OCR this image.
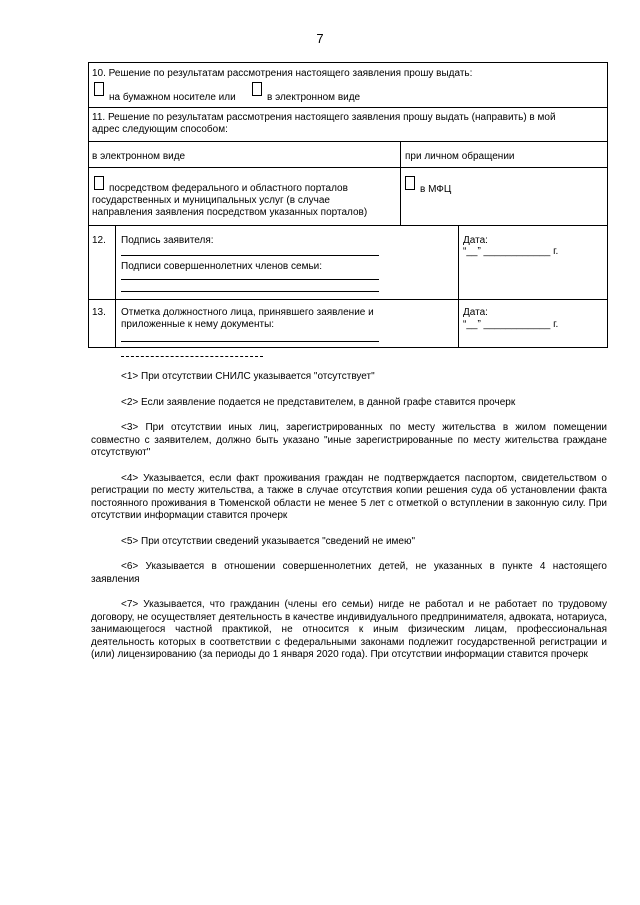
7
10. Решение по результатам рассмотрения настоящего заявления прошу выдать:
на бумажном носителе или	в электронном виде
11. Решение по результатам рассмотрения настоящего заявления прошу выдать (направить) в мой
адрес следующим способом:
в электронном виде	при личном обращении
посредством федерального и областного порталов
государственных и муниципальных услуг (в случае
направления заявления посредством указанных порталов)
в МФЦ
12. Подпись заявителя:
Подписи совершеннолетних членов семьи:
Дата:
“__” ____________ г.
13. Отметка должностного лица, принявшего заявление и
приложенные к нему документы:
Дата:
“__” ____________ г.

<1> При отсутствии СНИЛС указывается "отсутствует"

<2> Если заявление подается не представителем, в данной графе ставится прочерк

<3> При отсутствии иных лиц, зарегистрированных по месту жительства в жилом помещении совместно с заявителем, должно быть указано "иные зарегистрированные по месту жительства граждане отсутствуют"

<4> Указывается, если факт проживания граждан не подтверждается паспортом, свидетельством о регистрации по месту жительства, а также в случае отсутствия копии решения суда об установлении факта постоянного проживания в Тюменской области не менее 5 лет с отметкой о вступлении в законную силу. При отсутствии информации ставится прочерк

<5> При отсутствии сведений указывается "сведений не имею"

<6> Указывается в отношении совершеннолетних детей, не указанных в пункте 4 настоящего заявления

<7> Указывается, что гражданин (члены его семьи) нигде не работал и не работает по трудовому договору, не осуществляет деятельность в качестве индивидуального предпринимателя, адвоката, нотариуса, занимающегося частной практикой, не относится к иным физическим лицам, профессиональная деятельность которых в соответствии с федеральными законами подлежит государственной регистрации и (или) лицензированию (за периоды до 1 января 2020 года). При отсутствии информации ставится прочерк
